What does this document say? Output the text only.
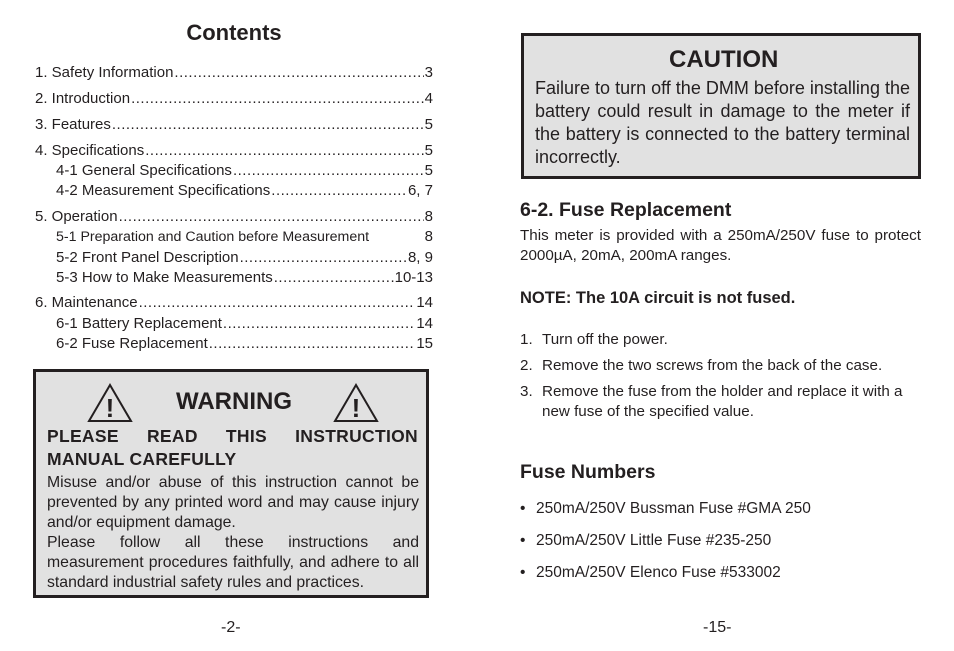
Contents
1. Safety Information .....	3
2. Introduction .....	4
3. Features .....	5
4. Specifications .....	5
4-1 General Specifications .....	5
4-2 Measurement Specifications .....	6, 7
5. Operation .....	8
5-1 Preparation and Caution before Measurement	8
5-2 Front Panel Description .....	8, 9
5-3 How to Make Measurements .....	10-13
6. Maintenance .....	14
6-1 Battery Replacement .....	14
6-2 Fuse Replacement .....	15
!	WARNING	!

PLEASE READ THIS INSTRUCTION
MANUAL CAREFULLY

Misuse and/or abuse of this instruction cannot be prevented by any printed word and may cause injury and/or equipment damage.

Please follow all these instructions and measurement procedures faithfully, and adhere to all standard industrial safety rules and practices.

-2-

CAUTION

Failure to turn off the DMM before installing the battery could result in damage to the meter if the battery is connected to the battery terminal incorrectly.

6-2. Fuse Replacement

This meter is provided with a 250mA/250V fuse to protect 2000µA, 20mA, 200mA ranges.

NOTE: The 10A circuit is not fused.

1. Turn off the power.
2. Remove the two screws from the back of the case.
3. Remove the fuse from the holder and replace it with a new fuse of the specified value.
Fuse Numbers
• 250mA/250V Bussman Fuse #GMA 250
• 250mA/250V Little Fuse #235-250
• 250mA/250V Elenco Fuse #533002

-15-
